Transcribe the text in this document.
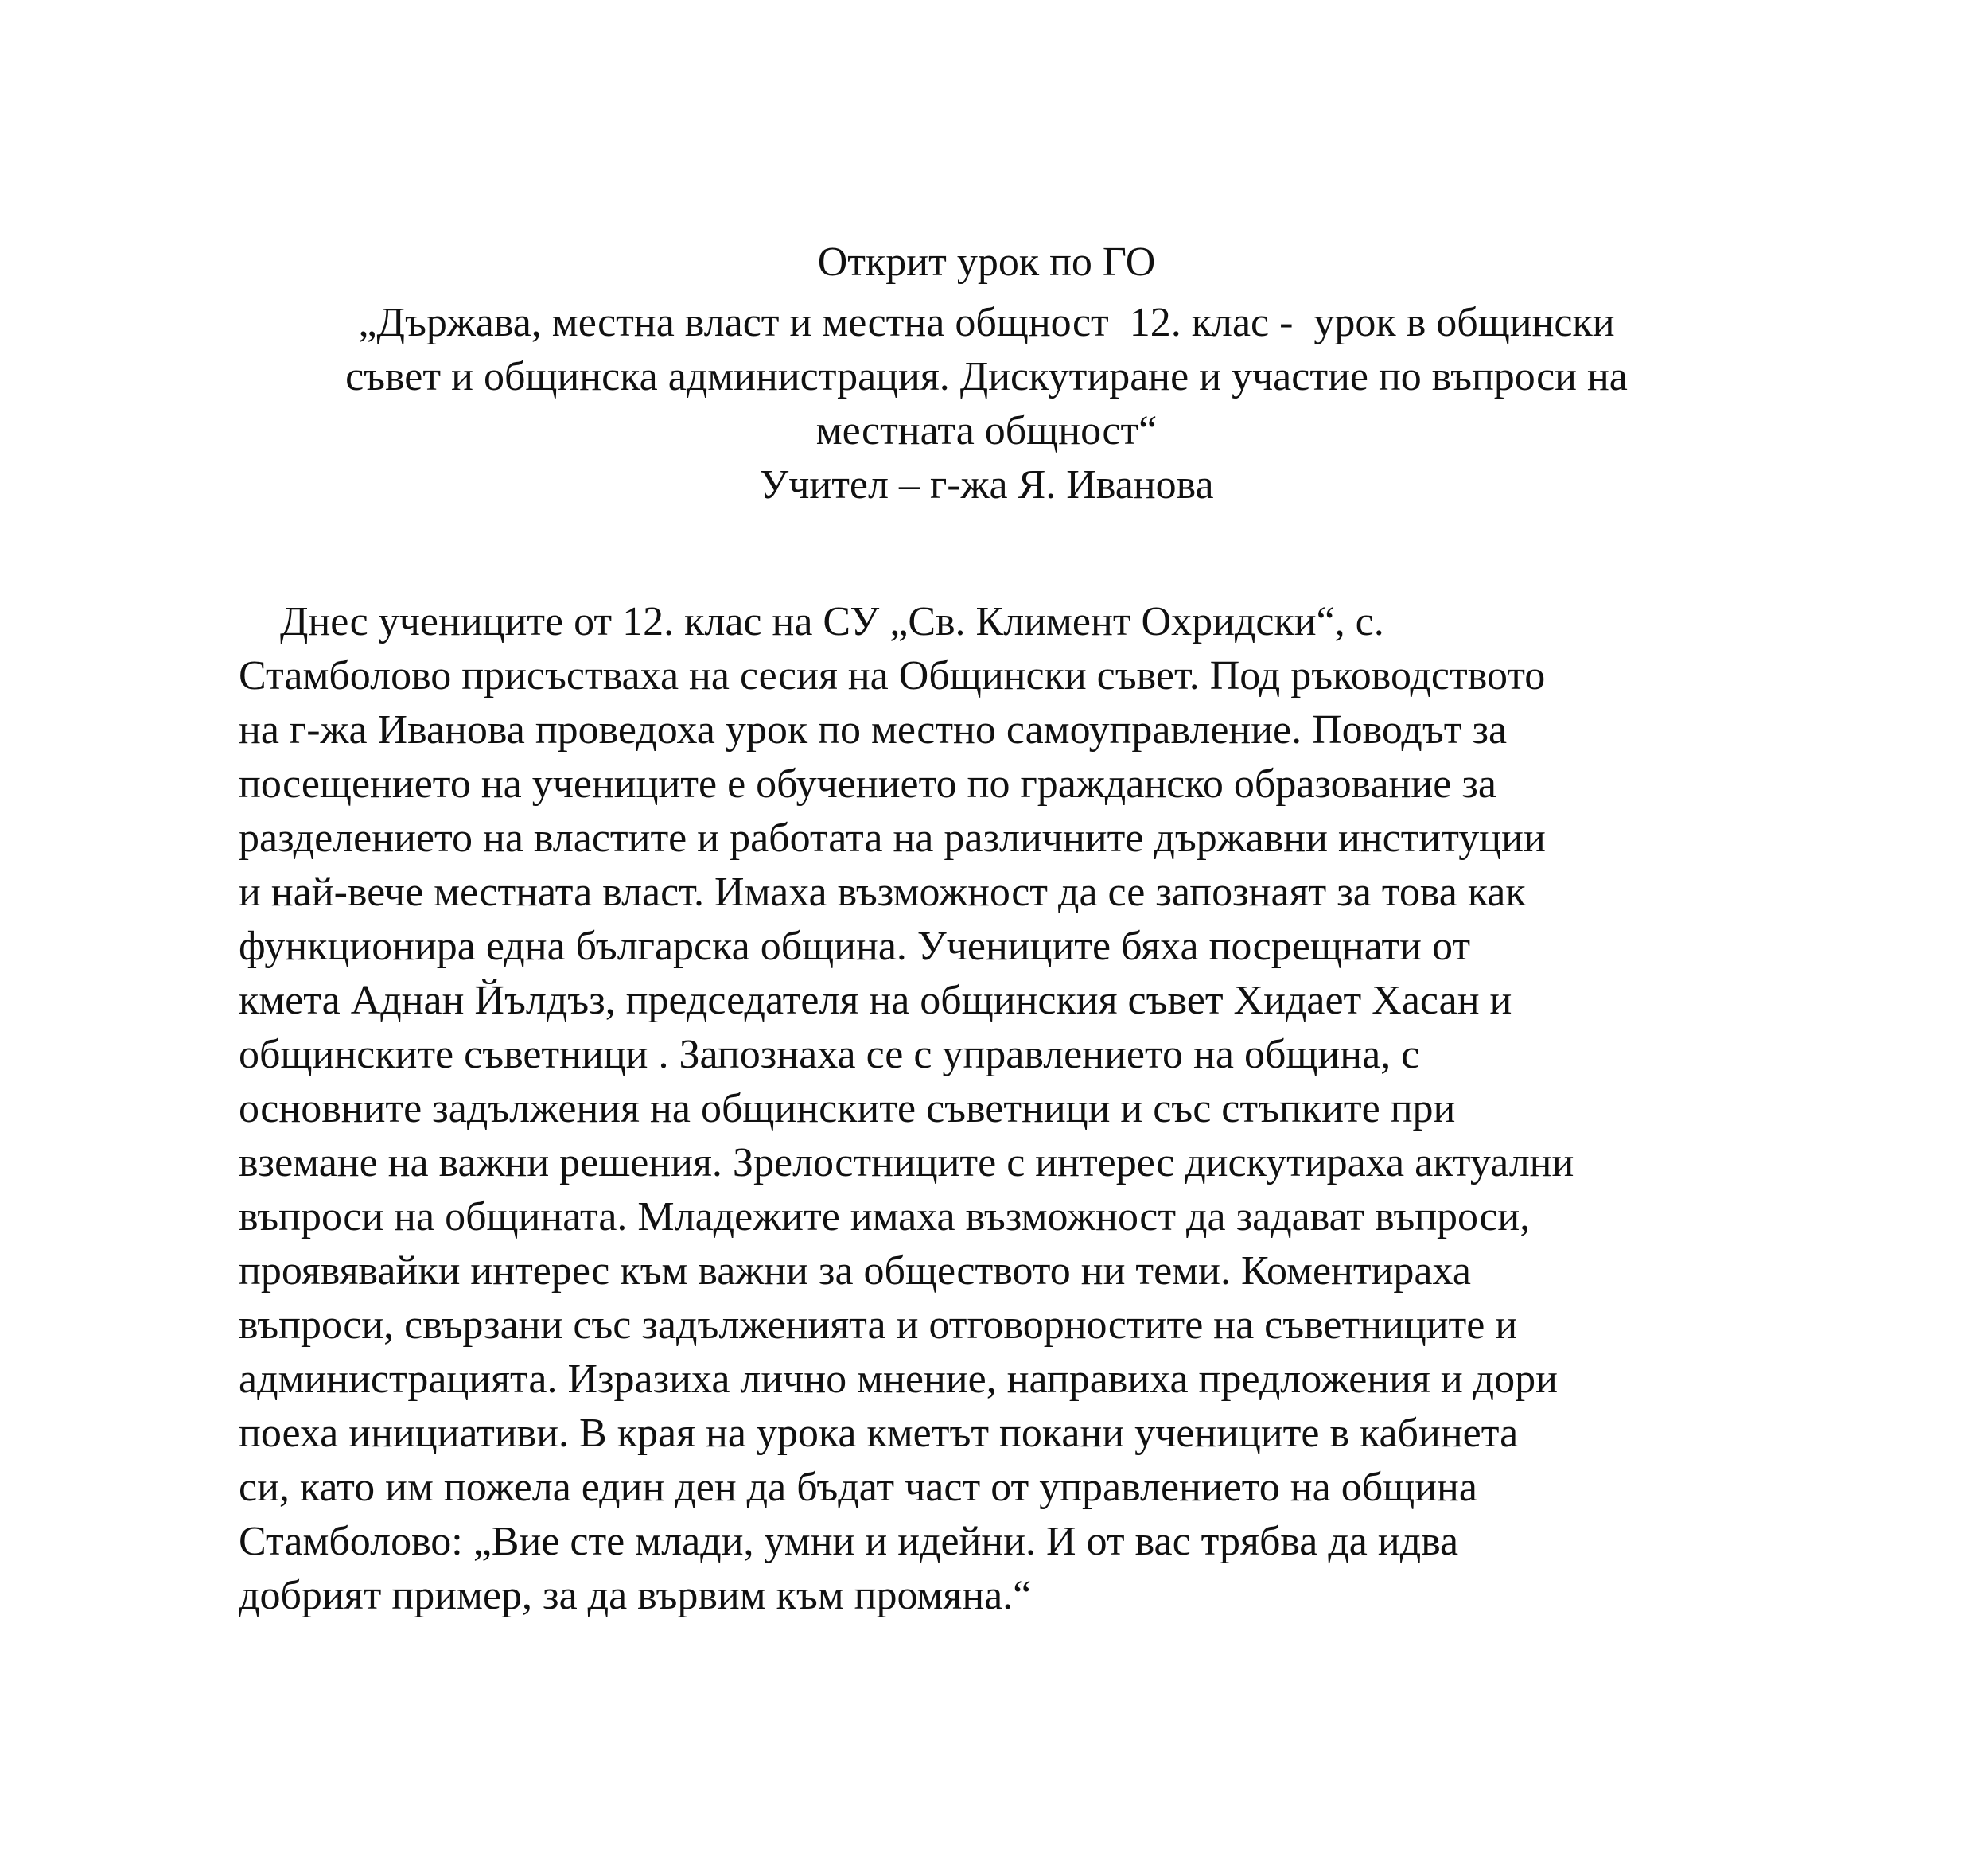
Открит урок по ГО
„Държава, местна власт и местна общност  12. клас -  урок в общински
съвет и общинска администрация. Дискутиране и участие по въпроси на
местната общност“
Учител – г-жа Я. Иванова
Днес учениците от 12. клас на СУ „Св. Климент Охридски“, с.
Стамболово присъстваха на сесия на Общински съвет. Под ръководството
на г-жа Иванова проведоха урок по местно самоуправление. Поводът за
посещението на учениците е обучението по гражданско образование за
разделението на властите и работата на различните държавни институции
и най-вече местната власт. Имаха възможност да се запознаят за това как
функционира една българска община. Учениците бяха посрещнати от
кмета Аднан Йълдъз, председателя на общинския съвет Хидает Хасан и
общинските съветници . Запознаха се с управлението на община, с
основните задължения на общинските съветници и със стъпките при
вземане на важни решения. Зрелостниците с интерес дискутираха актуални
въпроси на общината. Младежите имаха възможност да задават въпроси,
проявявайки интерес към важни за обществото ни теми. Коментираха
въпроси, свързани със задълженията и отговорностите на съветниците и
администрацията. Изразиха лично мнение, направиха предложения и дори
поеха инициативи. В края на урока кметът покани учениците в кабинета
си, като им пожела един ден да бъдат част от управлението на община
Стамболово: „Вие сте млади, умни и идейни. И от вас трябва да идва
добрият пример, за да вървим към промяна.“
